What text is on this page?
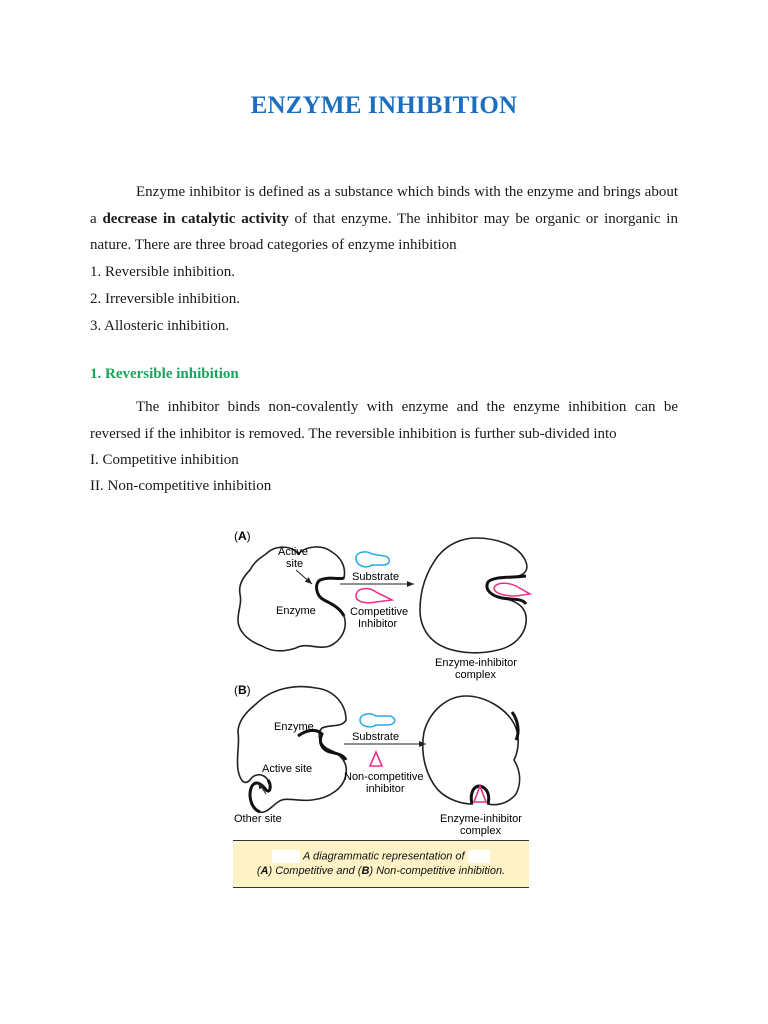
ENZYME INHIBITION
Enzyme inhibitor is defined as a substance which binds with the enzyme and brings about a decrease in catalytic activity of that enzyme. The inhibitor may be organic or inorganic in nature. There are three broad categories of enzyme inhibition
1. Reversible inhibition.
2. Irreversible inhibition.
3. Allosteric inhibition.
1. Reversible inhibition
The inhibitor binds non-covalently with enzyme and the enzyme inhibition can be reversed if the inhibitor is removed. The reversible inhibition is further sub-divided into
I. Competitive inhibition
II. Non-competitive inhibition
(A)
Active
site
Enzyme
Substrate
Competitive
Inhibitor
Enzyme-inhibitor
complex
(B)
Enzyme
Active site
Other site
Substrate
Non-competitive
inhibitor
Enzyme-inhibitor
complex
A diagrammatic representation of
(A) Competitive and (B) Non-competitive inhibition.
